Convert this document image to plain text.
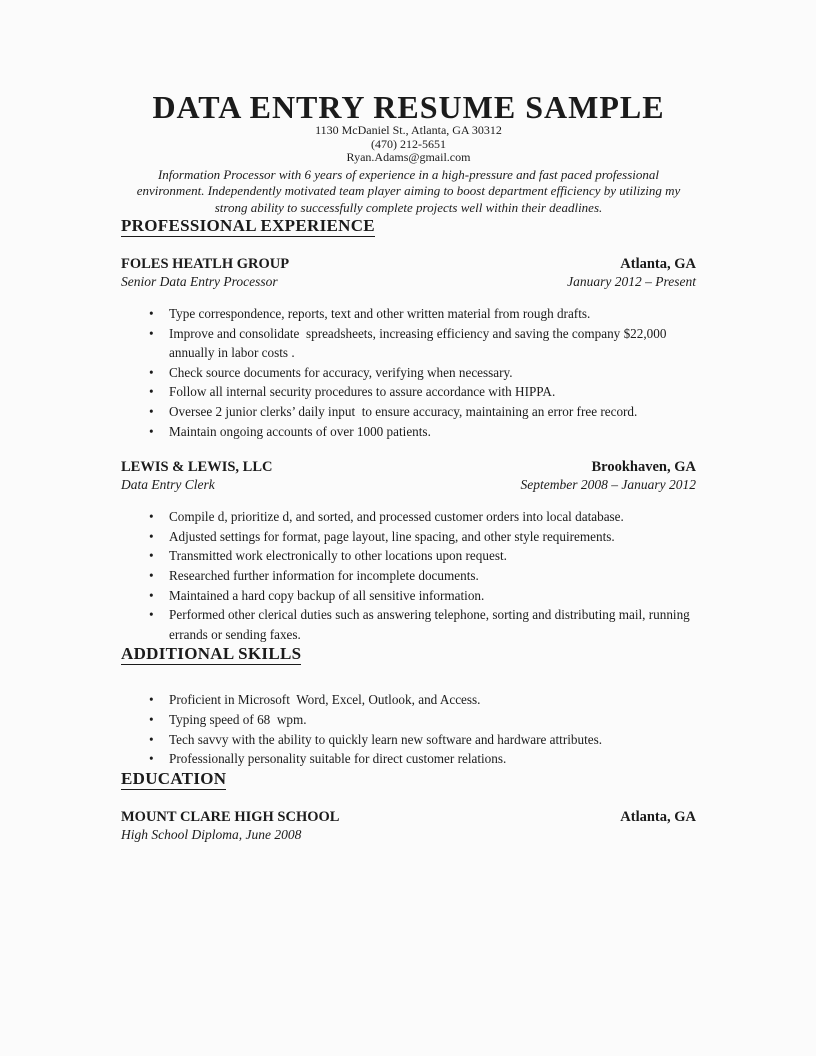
DATA ENTRY RESUME SAMPLE
1130 McDaniel St., Atlanta, GA 30312
(470) 212-5651
Ryan.Adams@gmail.com
Information Processor with 6 years of experience in a high-pressure and fast paced professional
environment. Independently motivated team player aiming to boost department efficiency by utilizing my
strong ability to successfully complete projects well within their deadlines.
PROFESSIONAL EXPERIENCE
FOLES HEATLH GROUP	Atlanta, GA
Senior Data Entry Processor	January 2012 – Present
• Type correspondence, reports, text and other written material from rough drafts.
• Improve and consolidate  spreadsheets, increasing efficiency and saving the company $22,000 annually in labor costs .
• Check source documents for accuracy, verifying when necessary.
• Follow all internal security procedures to assure accordance with HIPPA.
• Oversee 2 junior clerks’ daily input  to ensure accuracy, maintaining an error free record.
• Maintain ongoing accounts of over 1000 patients.
LEWIS & LEWIS, LLC	Brookhaven, GA
Data Entry Clerk	September 2008 – January 2012
• Compile d, prioritize d, and sorted, and processed customer orders into local database.
• Adjusted settings for format, page layout, line spacing, and other style requirements.
• Transmitted work electronically to other locations upon request.
• Researched further information for incomplete documents.
• Maintained a hard copy backup of all sensitive information.
• Performed other clerical duties such as answering telephone, sorting and distributing mail, running errands or sending faxes.
ADDITIONAL SKILLS
• Proficient in Microsoft  Word, Excel, Outlook, and Access.
• Typing speed of 68  wpm.
• Tech savvy with the ability to quickly learn new software and hardware attributes.
• Professionally personality suitable for direct customer relations.
EDUCATION
MOUNT CLARE HIGH SCHOOL	Atlanta, GA
High School Diploma, June 2008
